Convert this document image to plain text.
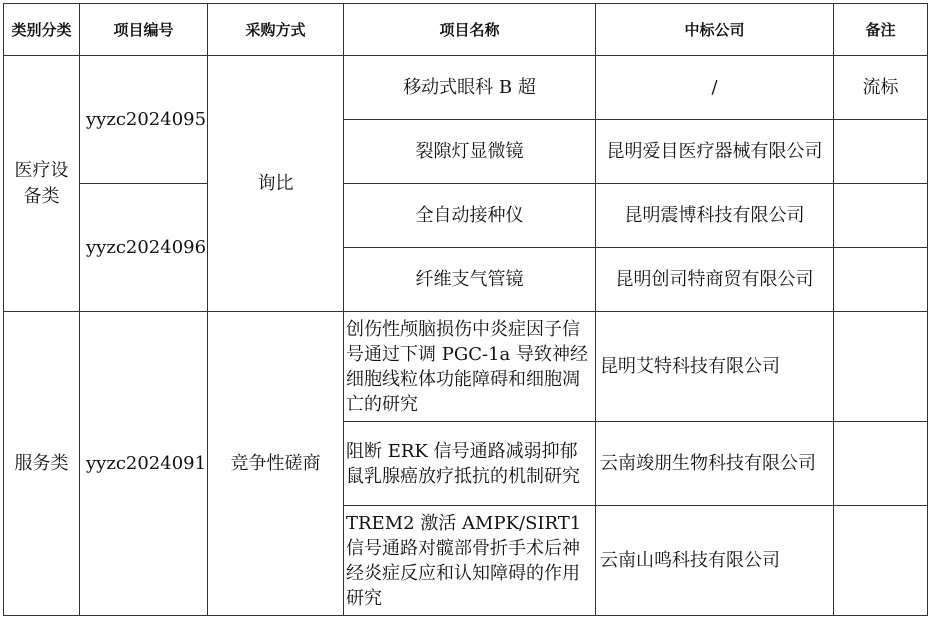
类别分类	项目编号	采购方式	项目名称	中标公司	备注
医疗设备类	yyzc2024095	询比	移动式眼科 B 超	/	流标
			裂隙灯显微镜	昆明爱目医疗器械有限公司	
	yyzc2024096		全自动接种仪	昆明震博科技有限公司	
			纤维支气管镜	昆明创司特商贸有限公司	
服务类	yyzc2024091	竞争性磋商	创伤性颅脑损伤中炎症因子信号通过下调 PGC-1a 导致神经细胞线粒体功能障碍和细胞凋亡的研究	昆明艾特科技有限公司	
			阻断 ERK 信号通路减弱抑郁鼠乳腺癌放疗抵抗的机制研究	云南竣朋生物科技有限公司	
			TREM2 激活 AMPK/SIRT1 信号通路对髋部骨折手术后神经炎症反应和认知障碍的作用研究	云南山鸣科技有限公司	
